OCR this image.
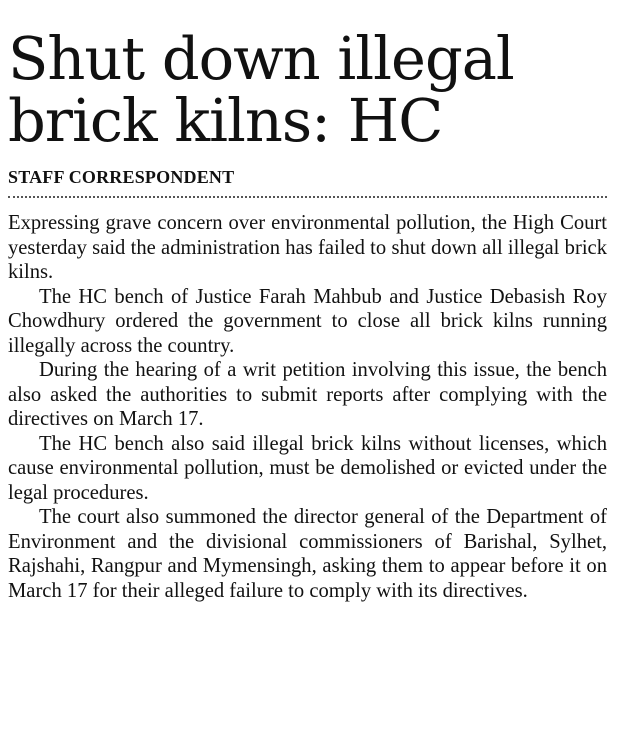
Shut down illegal
brick kilns: HC
STAFF CORRESPONDENT

Expressing grave concern over environmental pollution, the High Court yesterday said the administration has failed to shut down all illegal brick kilns.

The HC bench of Justice Farah Mahbub and Justice Debasish Roy Chowdhury ordered the government to close all brick kilns running illegally across the country.

During the hearing of a writ petition involving this issue, the bench also asked the authorities to submit reports after complying with the directives on March 17.

The HC bench also said illegal brick kilns without licenses, which cause environmental pollution, must be demolished or evicted under the legal procedures.

The court also summoned the director general of the Department of Environment and the divisional commissioners of Barishal, Sylhet, Rajshahi, Rangpur and Mymensingh, asking them to appear before it on March 17 for their alleged failure to comply with its directives.
